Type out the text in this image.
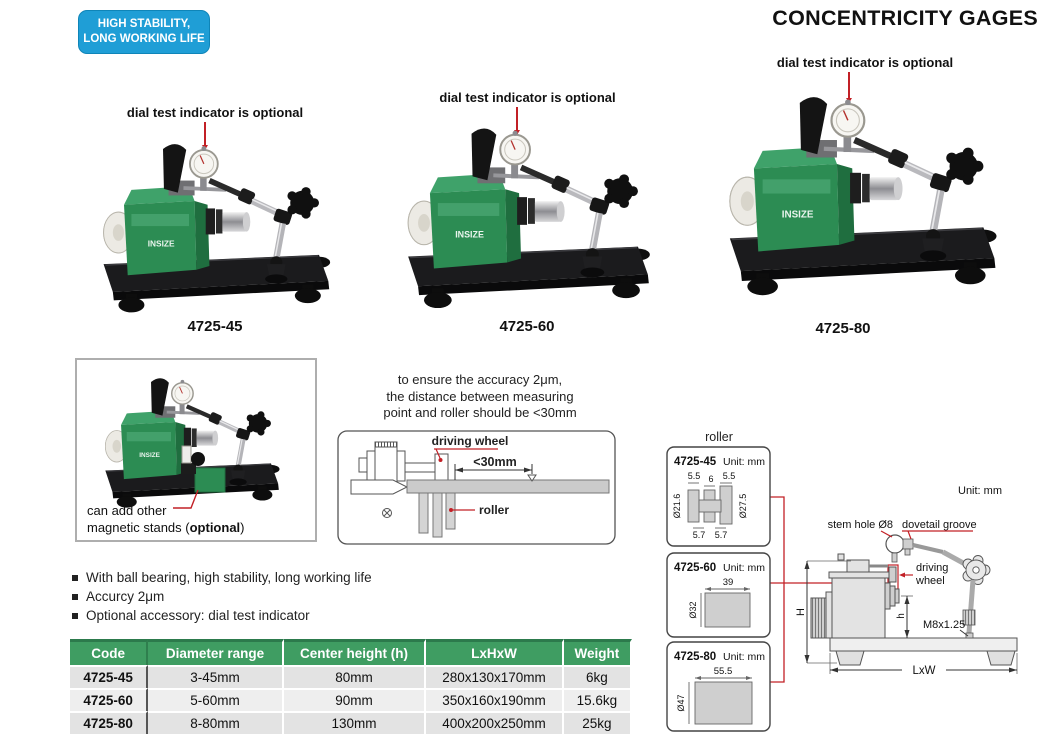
HIGH STABILITY,
LONG WORKING LIFE
CONCENTRICITY GAGES
dial test indicator is optional
4725-45
dial test indicator is optional
4725-60
dial test indicator is optional
4725-80
can add other
magnetic stands (optional)
to ensure the accuracy 2μm,
the distance between measuring
point and roller should be <30mm
driving wheel
roller
<30mm
roller
4725-45 Unit: mm
5.5 6 5.5
Ø21.6	Ø27.5
5.7 5.7
4725-60 Unit: mm
39
Ø32
4725-80 Unit: mm
55.5
Ø47
Unit: mm
stem hole Ø8 dovetail groove
driving
wheel
M8x1.25
H
h
LxW
With ball bearing, high stability, long working life
Accurcy 2μm
Optional accessory: dial test indicator
Code	Diameter range	Center height (h)	LxHxW	Weight
4725-45	3-45mm	80mm	280x130x170mm	6kg
4725-60	5-60mm	90mm	350x160x190mm	15.6kg
4725-80	8-80mm	130mm	400x200x250mm	25kg
